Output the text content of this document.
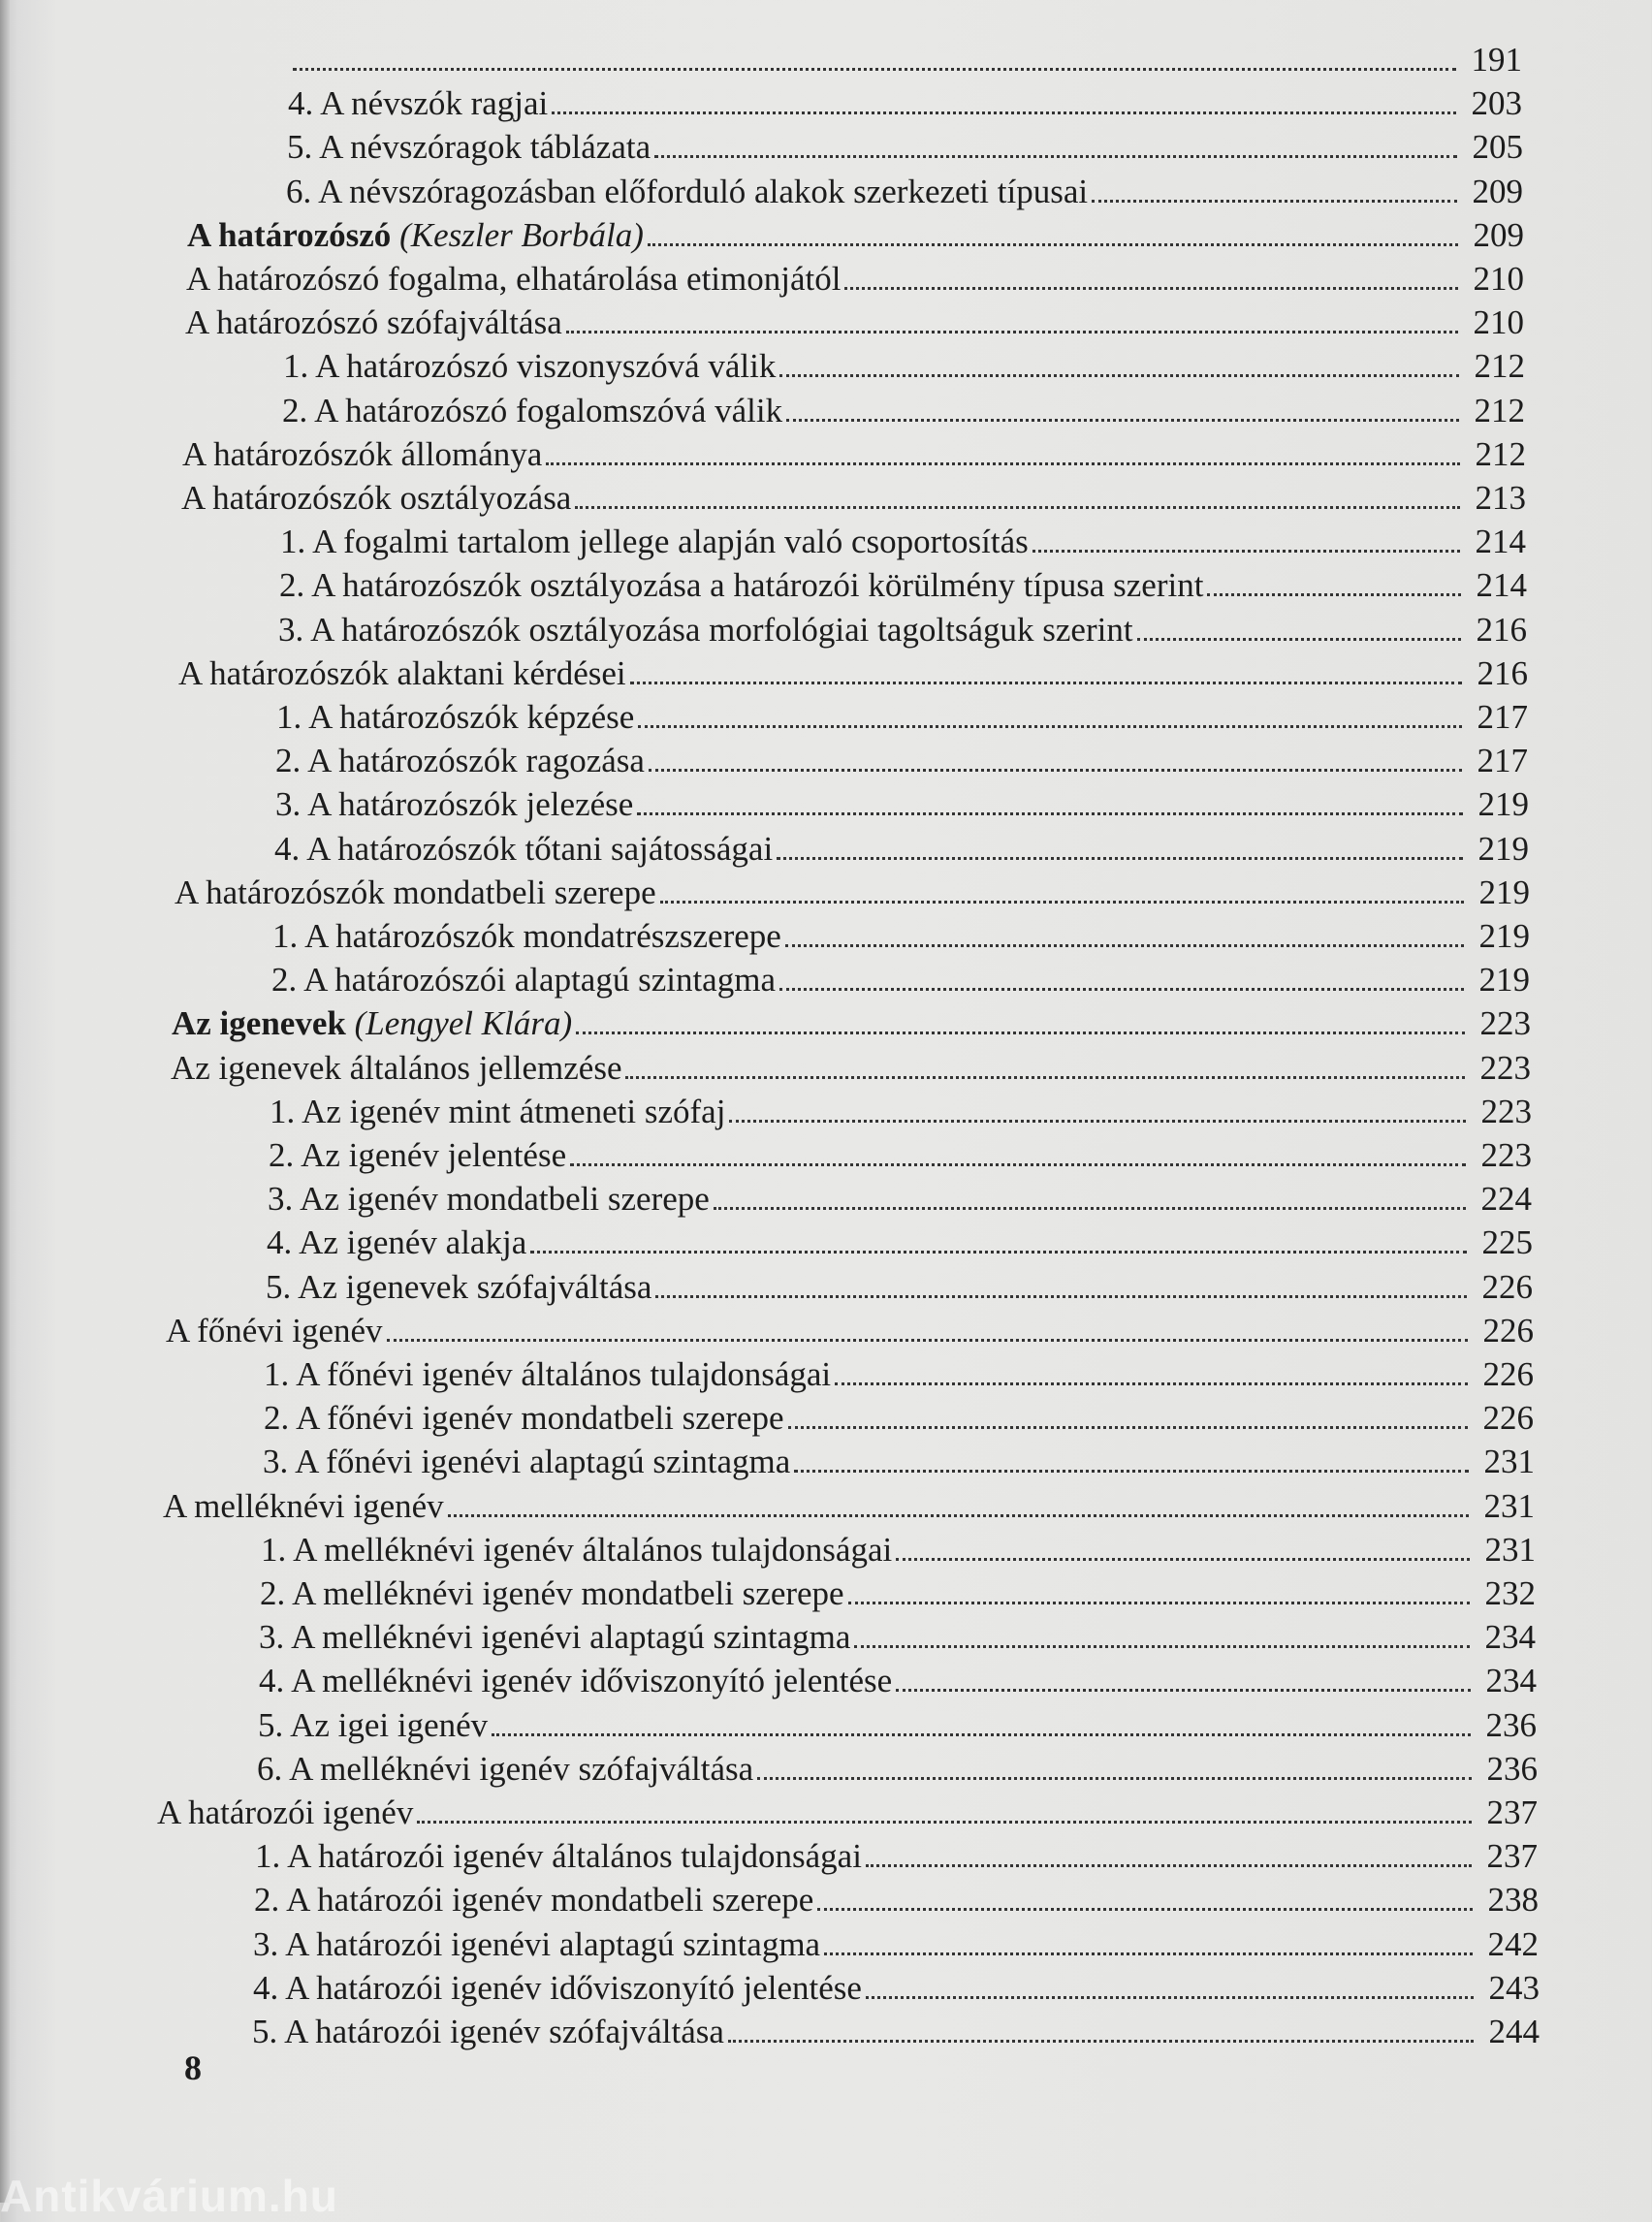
191
4. A névszók ragjai	203
5. A névszóragok táblázata	205
6. A névszóragozásban előforduló alakok szerkezeti típusai	209
A határozószó (Keszler Borbála)	209
A határozószó fogalma, elhatárolása etimonjától	210
A határozószó szófajváltása	210
1. A határozószó viszonyszóvá válik	212
2. A határozószó fogalomszóvá válik	212
A határozószók állománya	212
A határozószók osztályozása	213
1. A fogalmi tartalom jellege alapján való csoportosítás	214
2. A határozószók osztályozása a határozói körülmény típusa szerint	214
3. A határozószók osztályozása morfológiai tagoltságuk szerint	216
A határozószók alaktani kérdései	216
1. A határozószók képzése	217
2. A határozószók ragozása	217
3. A határozószók jelezése	219
4. A határozószók tőtani sajátosságai	219
A határozószók mondatbeli szerepe	219
1. A határozószók mondatrészszerepe	219
2. A határozószói alaptagú szintagma	219
Az igenevek (Lengyel Klára)	223
Az igenevek általános jellemzése	223
1. Az igenév mint átmeneti szófaj	223
2. Az igenév jelentése	223
3. Az igenév mondatbeli szerepe	224
4. Az igenév alakja	225
5. Az igenevek szófajváltása	226
A főnévi igenév	226
1. A főnévi igenév általános tulajdonságai	226
2. A főnévi igenév mondatbeli szerepe	226
3. A főnévi igenévi alaptagú szintagma	231
A melléknévi igenév	231
1. A melléknévi igenév általános tulajdonságai	231
2. A melléknévi igenév mondatbeli szerepe	232
3. A melléknévi igenévi alaptagú szintagma	234
4. A melléknévi igenév időviszonyító jelentése	234
5. Az igei igenév	236
6. A melléknévi igenév szófajváltása	236
A határozói igenév	237
1. A határozói igenév általános tulajdonságai	237
2. A határozói igenév mondatbeli szerepe	238
3. A határozói igenévi alaptagú szintagma	242
4. A határozói igenév időviszonyító jelentése	243
5. A határozói igenév szófajváltása	244
8
Antikvárium.hu
